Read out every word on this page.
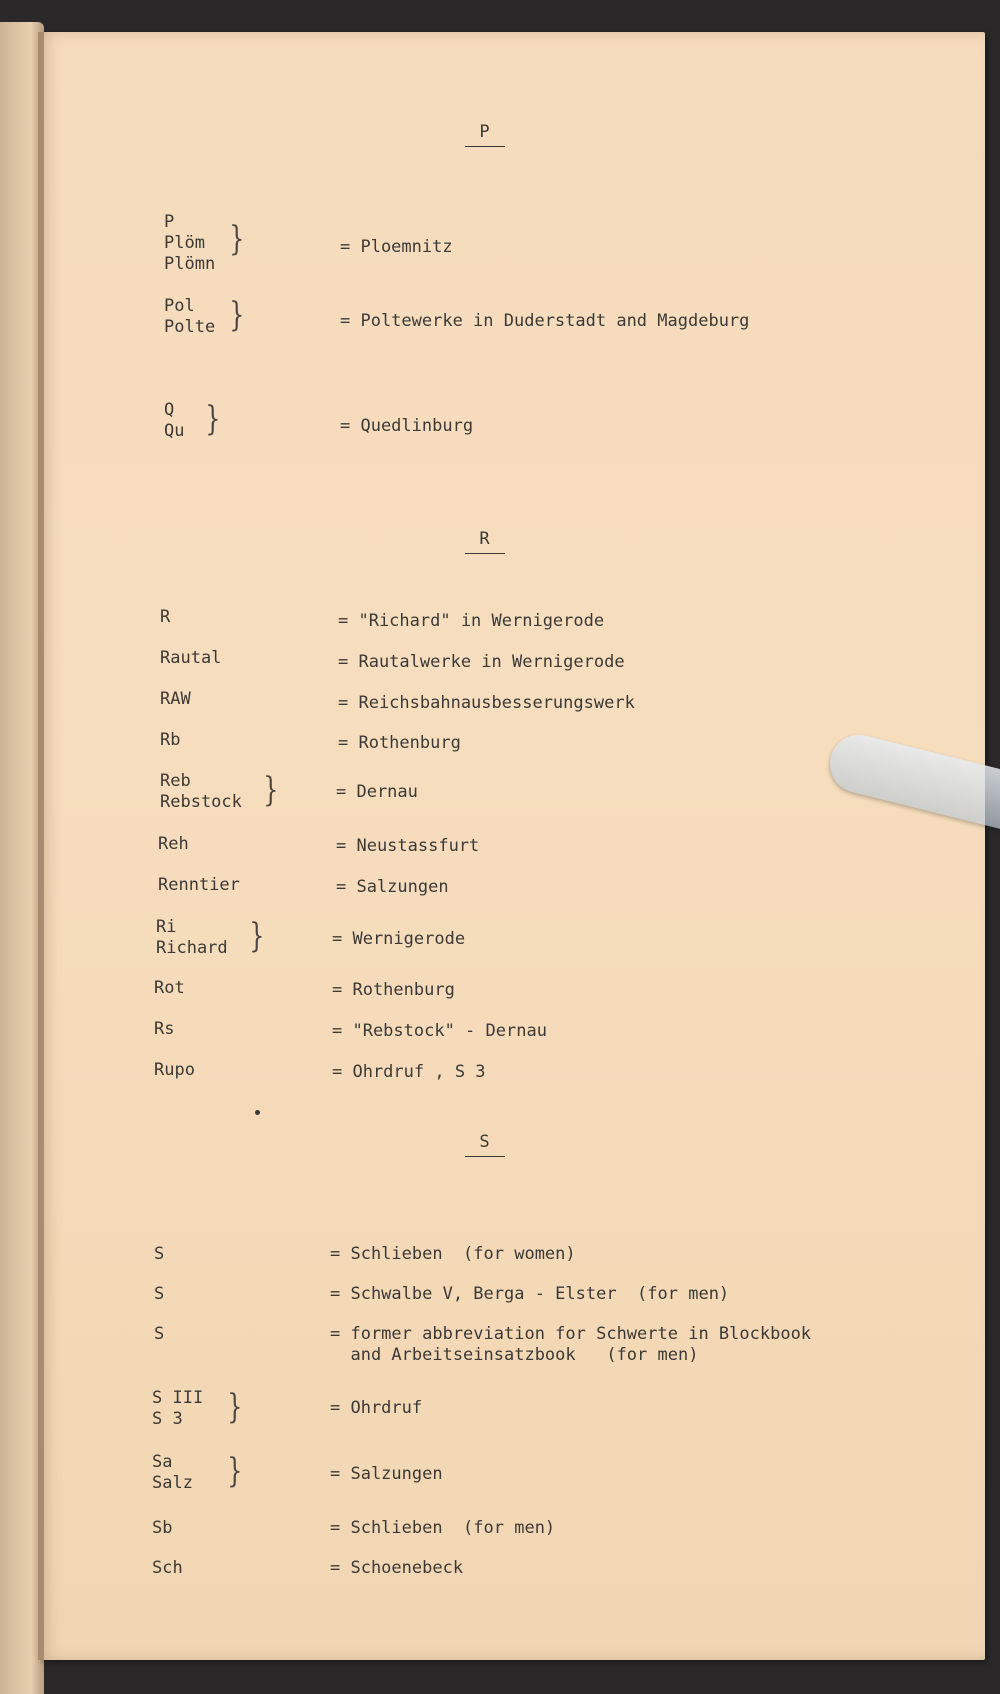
P
P
Plöm
Plömn
}	= Ploemnitz
Pol
Polte }	= Poltewerke in Duderstadt and Magdeburg
Q
Qu }	= Quedlinburg
R
R	= "Richard" in Wernigerode
Rautal	= Rautalwerke in Wernigerode
RAW	= Reichsbahnausbesserungswerk
Rb	= Rothenburg
Reb
Rebstock }	= Dernau
Reh	= Neustassfurt
Renntier	= Salzungen
Ri
Richard }	= Wernigerode
Rot	= Rothenburg
Rs	= "Rebstock" - Dernau
Rupo	= Ohrdruf , S 3
S
S	= Schlieben  (for women)
S	= Schwalbe V, Berga - Elster  (for men)
S	= former abbreviation for Schwerte in Blockbook
and Arbeitseinsatzbook   (for men)
S III
S 3	}	= Ohrdruf
Sa
Salz }	= Salzungen
Sb	= Schlieben  (for men)
Sch	= Schoenebeck
